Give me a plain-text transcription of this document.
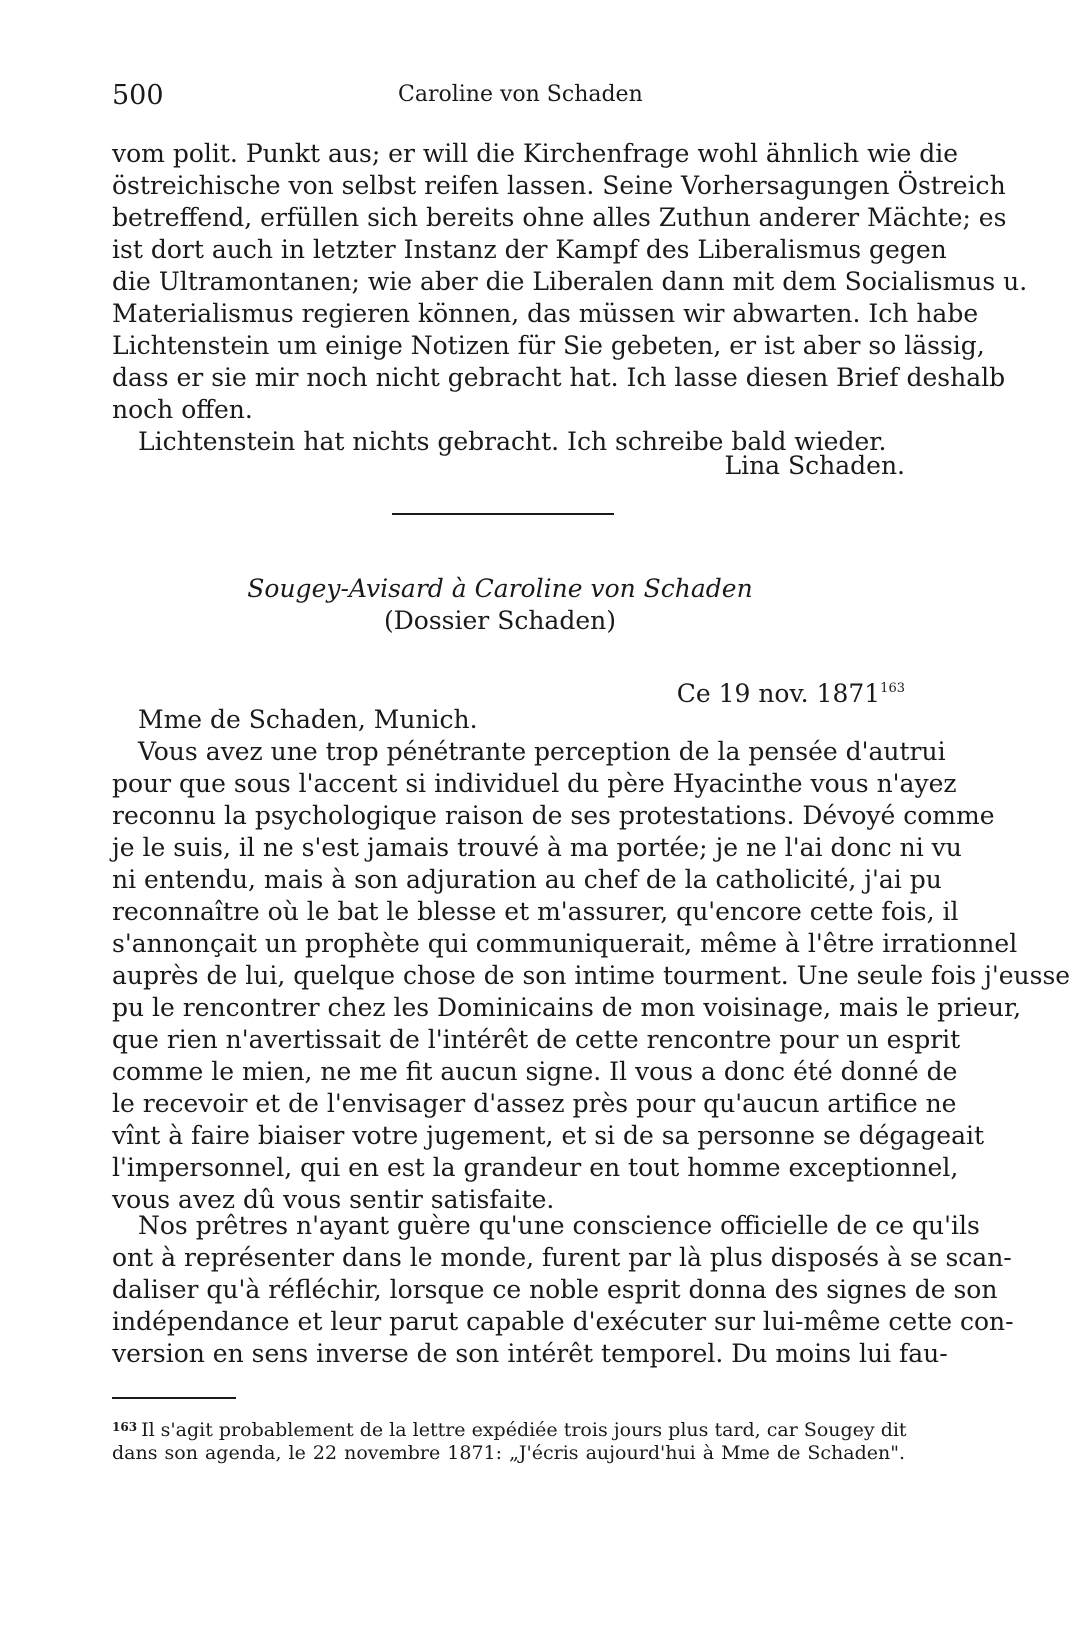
500	Caroline von Schaden
vom polit. Punkt aus; er will die Kirchenfrage wohl ähnlich wie die
östreichische von selbst reifen lassen. Seine Vorhersagungen Östreich
betreffend, erfüllen sich bereits ohne alles Zuthun anderer Mächte; es
ist dort auch in letzter Instanz der Kampf des Liberalismus gegen
die Ultramontanen; wie aber die Liberalen dann mit dem Socialismus u.
Materialismus regieren können, das müssen wir abwarten. Ich habe
Lichtenstein um einige Notizen für Sie gebeten, er ist aber so lässig,
dass er sie mir noch nicht gebracht hat. Ich lasse diesen Brief deshalb
noch offen.
Lichtenstein hat nichts gebracht. Ich schreibe bald wieder.
Lina Schaden.
Sougey-Avisard à Caroline von Schaden
(Dossier Schaden)
Ce 19 nov. 1871$^{163}$
Mme de Schaden, Munich.
Vous avez une trop pénétrante perception de la pensée d'autrui
pour que sous l'accent si individuel du père Hyacinthe vous n'ayez
reconnu la psychologique raison de ses protestations. Dévoyé comme
je le suis, il ne s'est jamais trouvé à ma portée; je ne l'ai donc ni vu
ni entendu, mais à son adjuration au chef de la catholicité, j'ai pu
reconnaître où le bat le blesse et m'assurer, qu'encore cette fois, il
s'annonçait un prophète qui communiquerait, même à l'être irrationnel
auprès de lui, quelque chose de son intime tourment. Une seule fois j'eusse
pu le rencontrer chez les Dominicains de mon voisinage, mais le prieur,
que rien n'avertissait de l'intérêt de cette rencontre pour un esprit
comme le mien, ne me fit aucun signe. Il vous a donc été donné de
le recevoir et de l'envisager d'assez près pour qu'aucun artifice ne
vînt à faire biaiser votre jugement, et si de sa personne se dégageait
l'impersonnel, qui en est la grandeur en tout homme exceptionnel,
vous avez dû vous sentir satisfaite.
Nos prêtres n'ayant guère qu'une conscience officielle de ce qu'ils
ont à représenter dans le monde, furent par là plus disposés à se scan-
daliser qu'à réfléchir, lorsque ce noble esprit donna des signes de son
indépendance et leur parut capable d'exécuter sur lui-même cette con-
version en sens inverse de son intérêt temporel. Du moins lui fau-
$^{163}$ Il s'agit probablement de la lettre expédiée trois jours plus tard, car Sougey dit
dans son agenda, le 22 novembre 1871: „J'écris aujourd'hui à Mme de Schaden".
